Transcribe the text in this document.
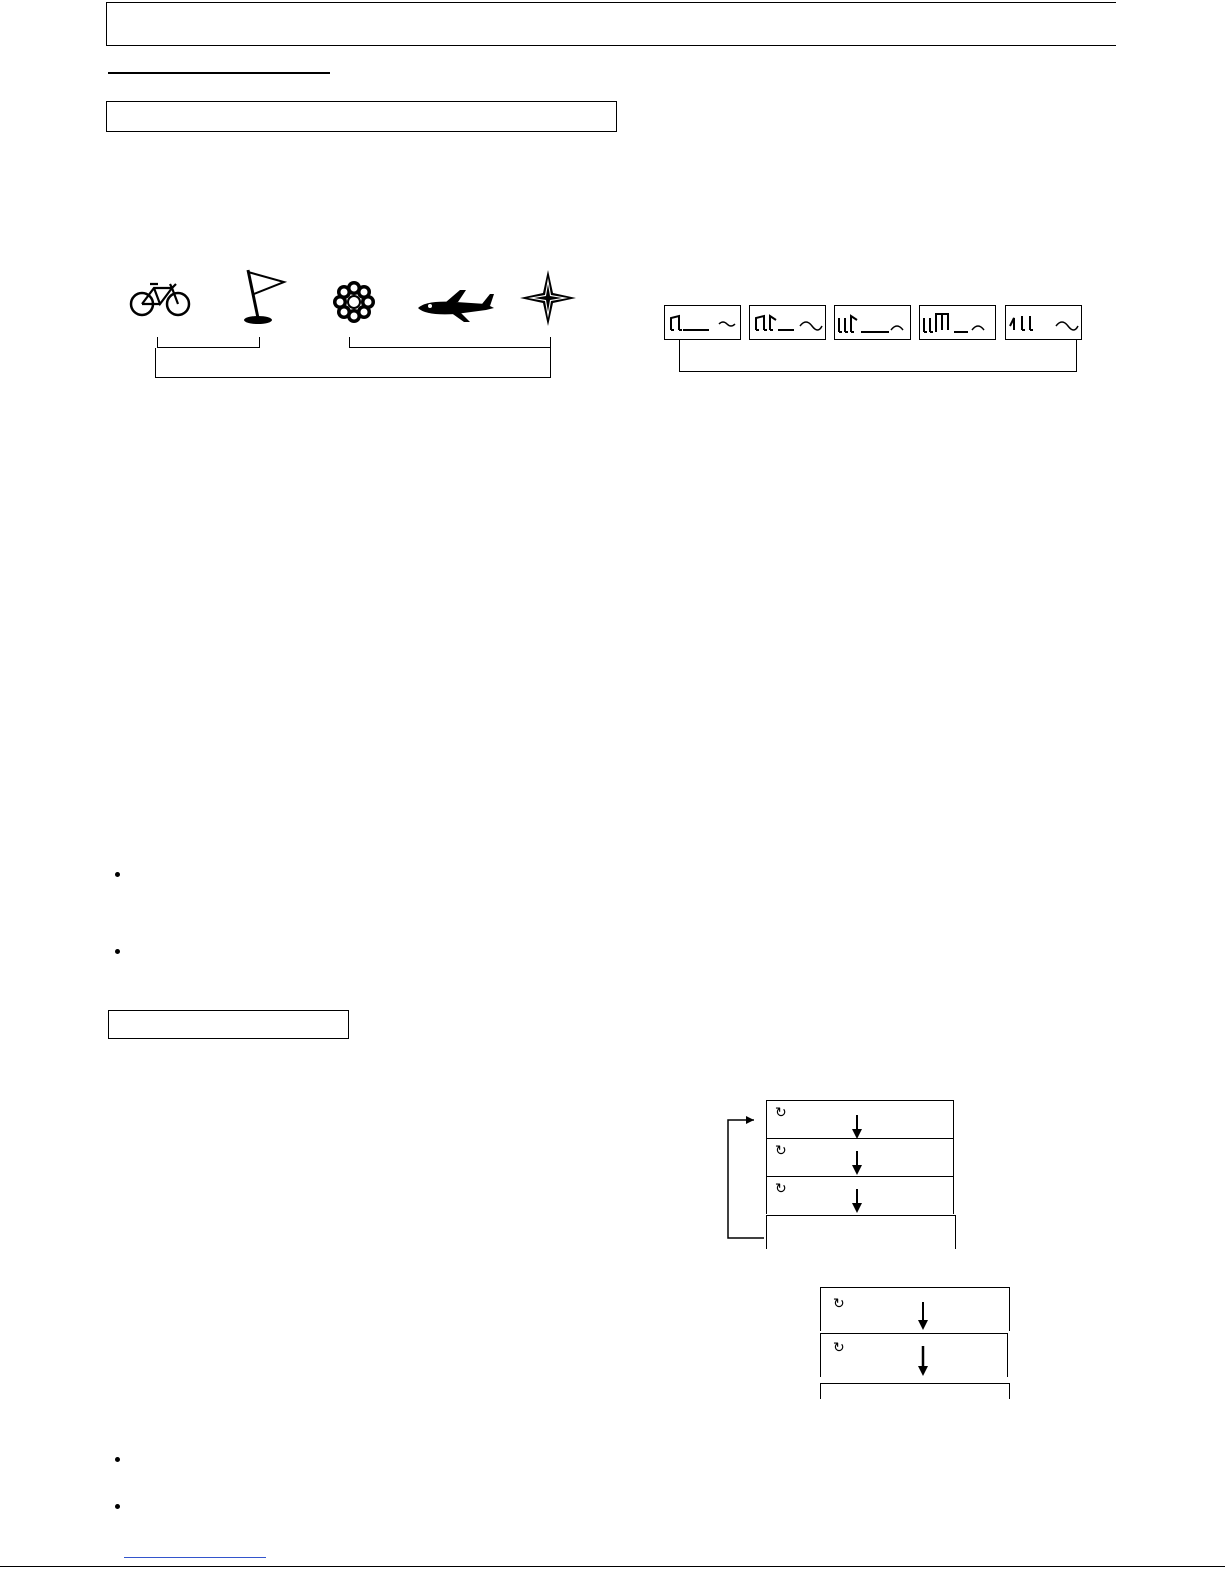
↻
↻
↻
↻
↻
